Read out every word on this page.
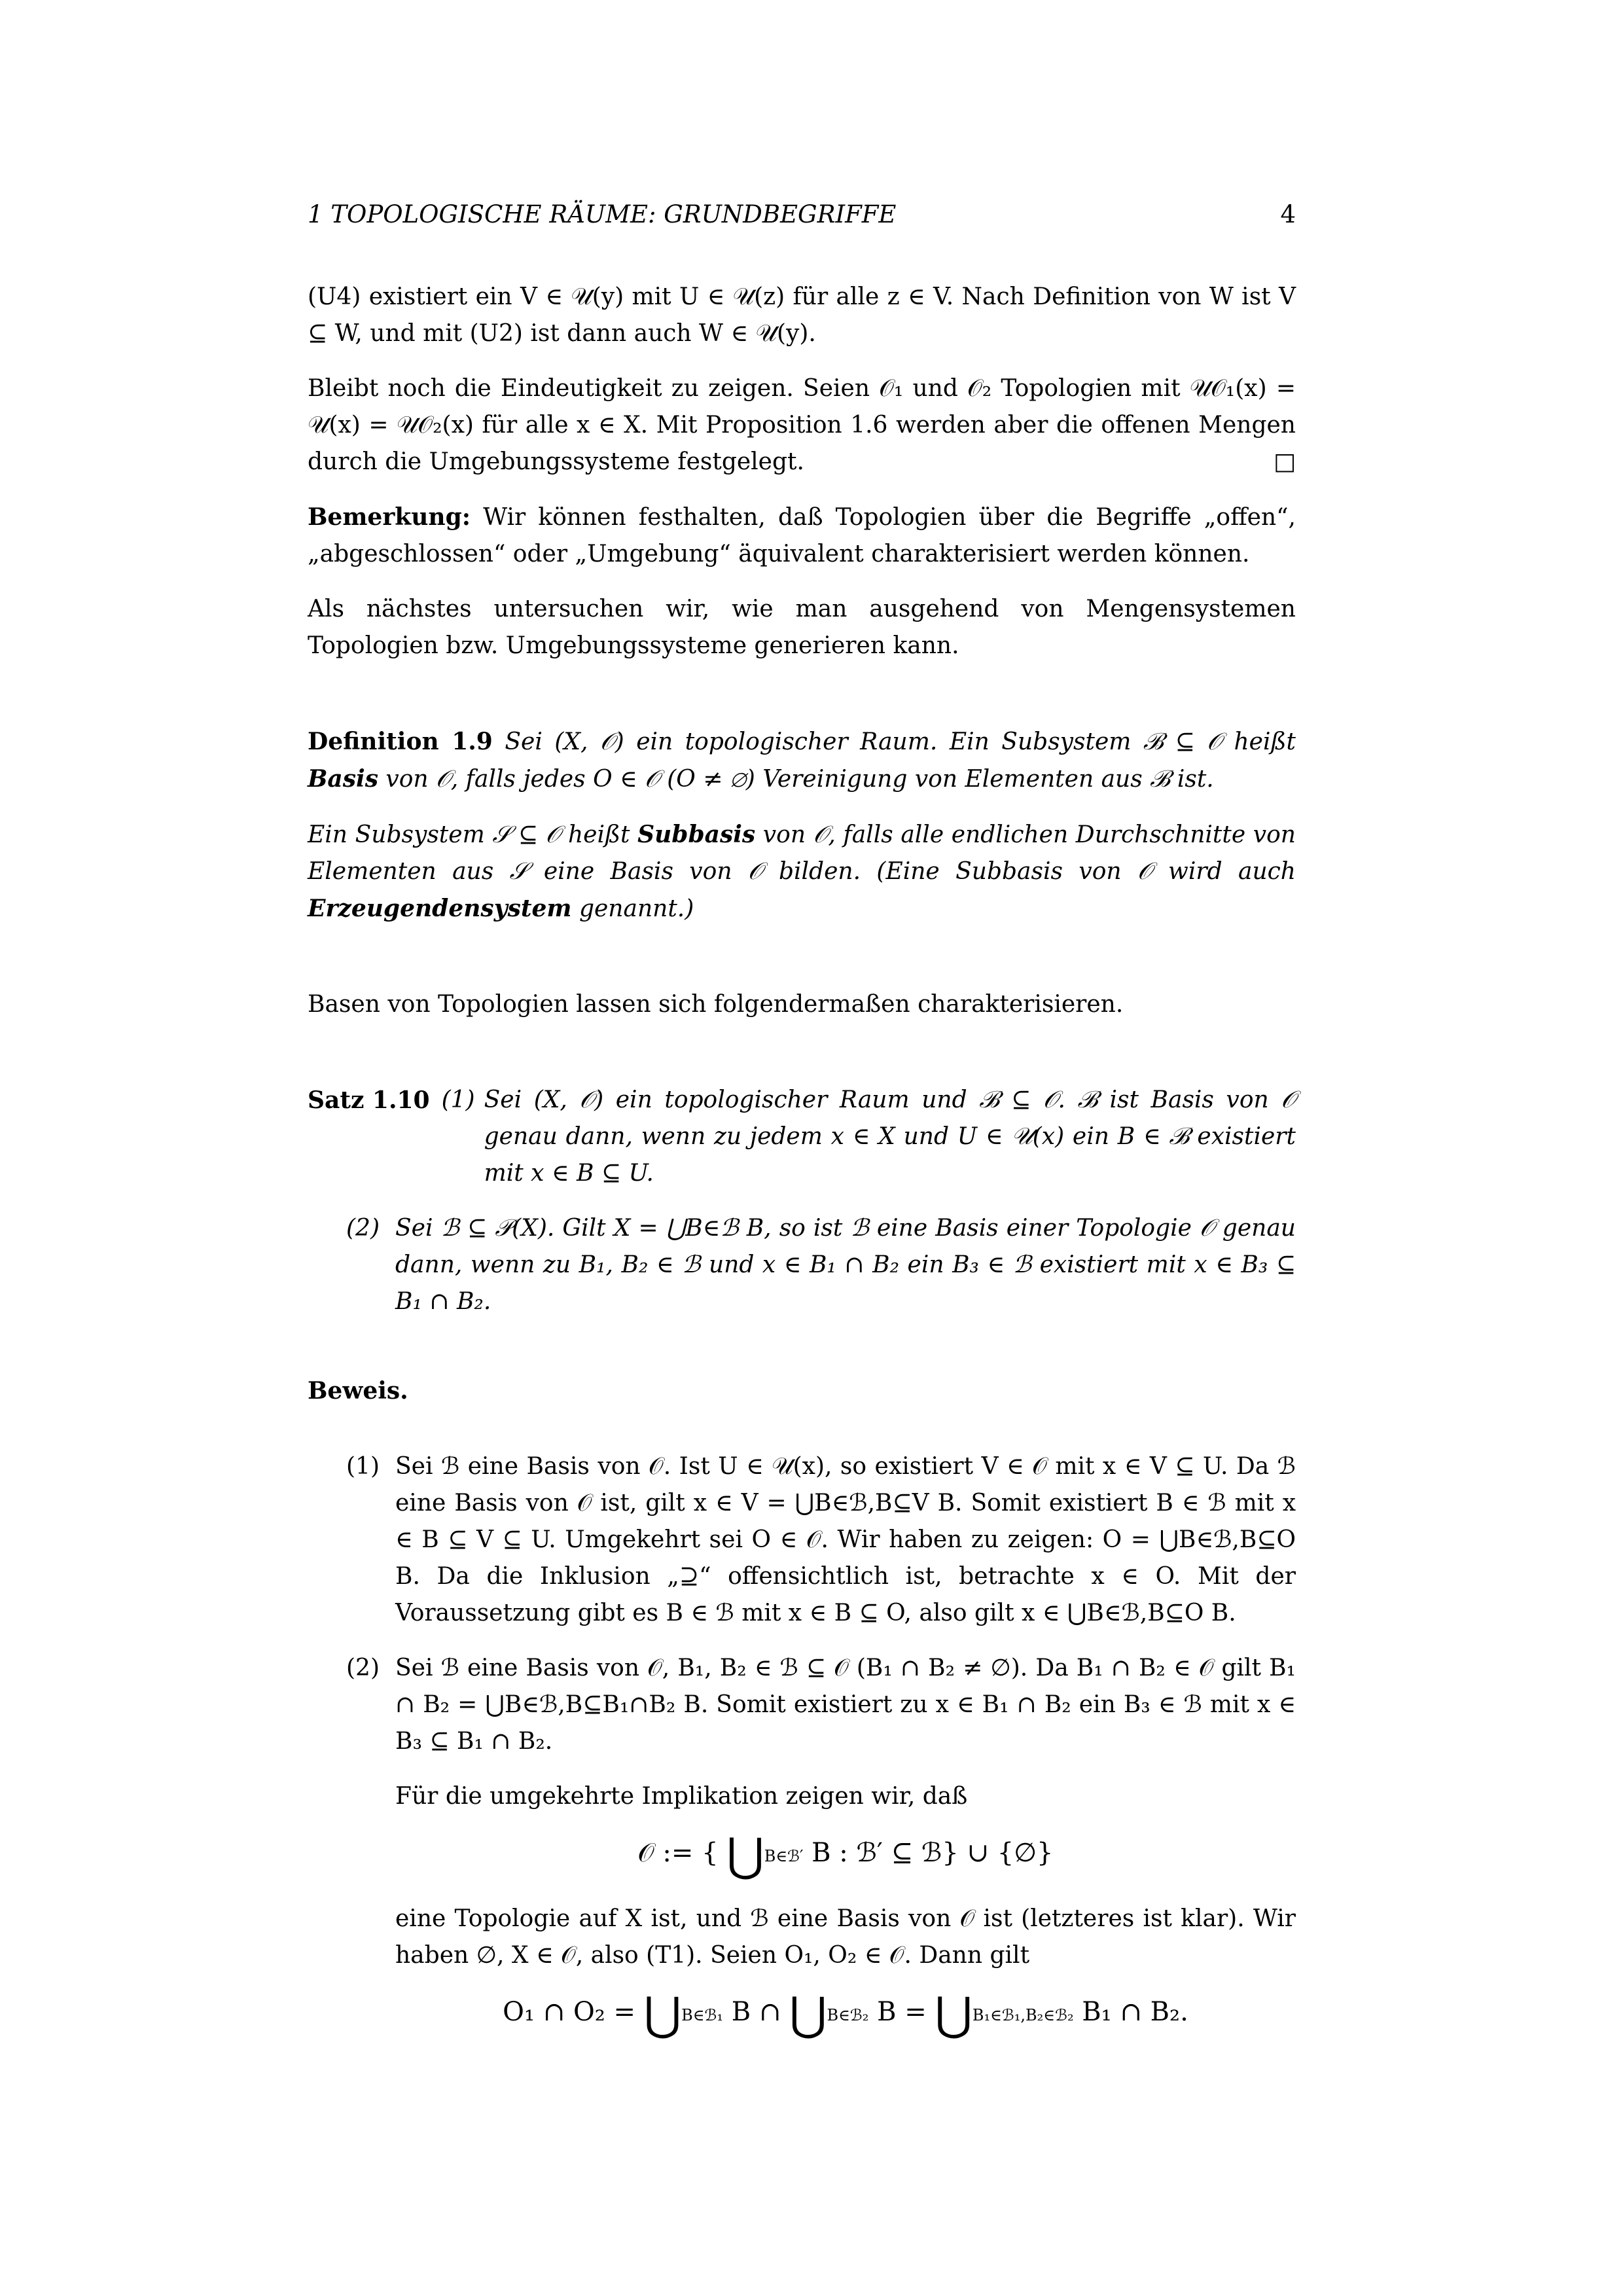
1 TOPOLOGISCHE RÄUME: GRUNDBEGRIFFE	4

(U4) existiert ein V ∈ 𝒰(y) mit U ∈ 𝒰(z) für alle z ∈ V. Nach Definition von W ist V ⊆ W, und mit (U2) ist dann auch W ∈ 𝒰(y).

Bleibt noch die Eindeutigkeit zu zeigen. Seien 𝒪₁ und 𝒪₂ Topologien mit 𝒰𝒪₁(x) = 𝒰(x) = 𝒰𝒪₂(x) für alle x ∈ X. Mit Proposition 1.6 werden aber die offenen Mengen durch die Umgebungssysteme festgelegt.	□

Bemerkung: Wir können festhalten, daß Topologien über die Begriffe „offen“, „abgeschlossen“ oder „Umgebung“ äquivalent charakterisiert werden können.

Als nächstes untersuchen wir, wie man ausgehend von Mengensystemen Topologien bzw. Umgebungssysteme generieren kann.

Definition 1.9 Sei (X, 𝒪) ein topologischer Raum. Ein Subsystem ℬ ⊆ 𝒪 heißt Basis von 𝒪, falls jedes O ∈ 𝒪 (O ≠ ∅) Vereinigung von Elementen aus ℬ ist.

Ein Subsystem 𝒮 ⊆ 𝒪 heißt Subbasis von 𝒪, falls alle endlichen Durchschnitte von Elementen aus 𝒮 eine Basis von 𝒪 bilden. (Eine Subbasis von 𝒪 wird auch Erzeugendensystem genannt.)

Basen von Topologien lassen sich folgendermaßen charakterisieren.

Satz 1.10 (1) Sei (X, 𝒪) ein topologischer Raum und ℬ ⊆ 𝒪. ℬ ist Basis von 𝒪 genau dann, wenn zu jedem x ∈ X und U ∈ 𝒰(x) ein B ∈ ℬ existiert mit x ∈ B ⊆ U.

(2) Sei ℬ ⊆ 𝒫(X). Gilt X = ⋃B∈ℬ B, so ist ℬ eine Basis einer Topologie 𝒪 genau dann, wenn zu B₁, B₂ ∈ ℬ und x ∈ B₁ ∩ B₂ ein B₃ ∈ ℬ existiert mit x ∈ B₃ ⊆ B₁ ∩ B₂.
Beweis.
(1) Sei ℬ eine Basis von 𝒪. Ist U ∈ 𝒰(x), so existiert V ∈ 𝒪 mit x ∈ V ⊆ U. Da ℬ eine Basis von 𝒪 ist, gilt x ∈ V = ⋃B∈ℬ,B⊆V B. Somit existiert B ∈ ℬ mit x ∈ B ⊆ V ⊆ U. Umgekehrt sei O ∈ 𝒪. Wir haben zu zeigen: O = ⋃B∈ℬ,B⊆O B. Da die Inklusion „⊇“ offensichtlich ist, betrachte x ∈ O. Mit der Voraussetzung gibt es B ∈ ℬ mit x ∈ B ⊆ O, also gilt x ∈ ⋃B∈ℬ,B⊆O B.
(2) Sei ℬ eine Basis von 𝒪, B₁, B₂ ∈ ℬ ⊆ 𝒪 (B₁ ∩ B₂ ≠ ∅). Da B₁ ∩ B₂ ∈ 𝒪 gilt B₁ ∩ B₂ = ⋃B∈ℬ,B⊆B₁∩B₂ B. Somit existiert zu x ∈ B₁ ∩ B₂ ein B₃ ∈ ℬ mit x ∈ B₃ ⊆ B₁ ∩ B₂.

Für die umgekehrte Implikation zeigen wir, daß

𝒪 := { ⋃B∈ℬ′ B : ℬ′ ⊆ ℬ} ∪ {∅}

eine Topologie auf X ist, und ℬ eine Basis von 𝒪 ist (letzteres ist klar). Wir haben ∅, X ∈ 𝒪, also (T1). Seien O₁, O₂ ∈ 𝒪. Dann gilt

O₁ ∩ O₂ = ⋃B∈ℬ₁ B ∩ ⋃B∈ℬ₂ B = ⋃B₁∈ℬ₁,B₂∈ℬ₂ B₁ ∩ B₂.
